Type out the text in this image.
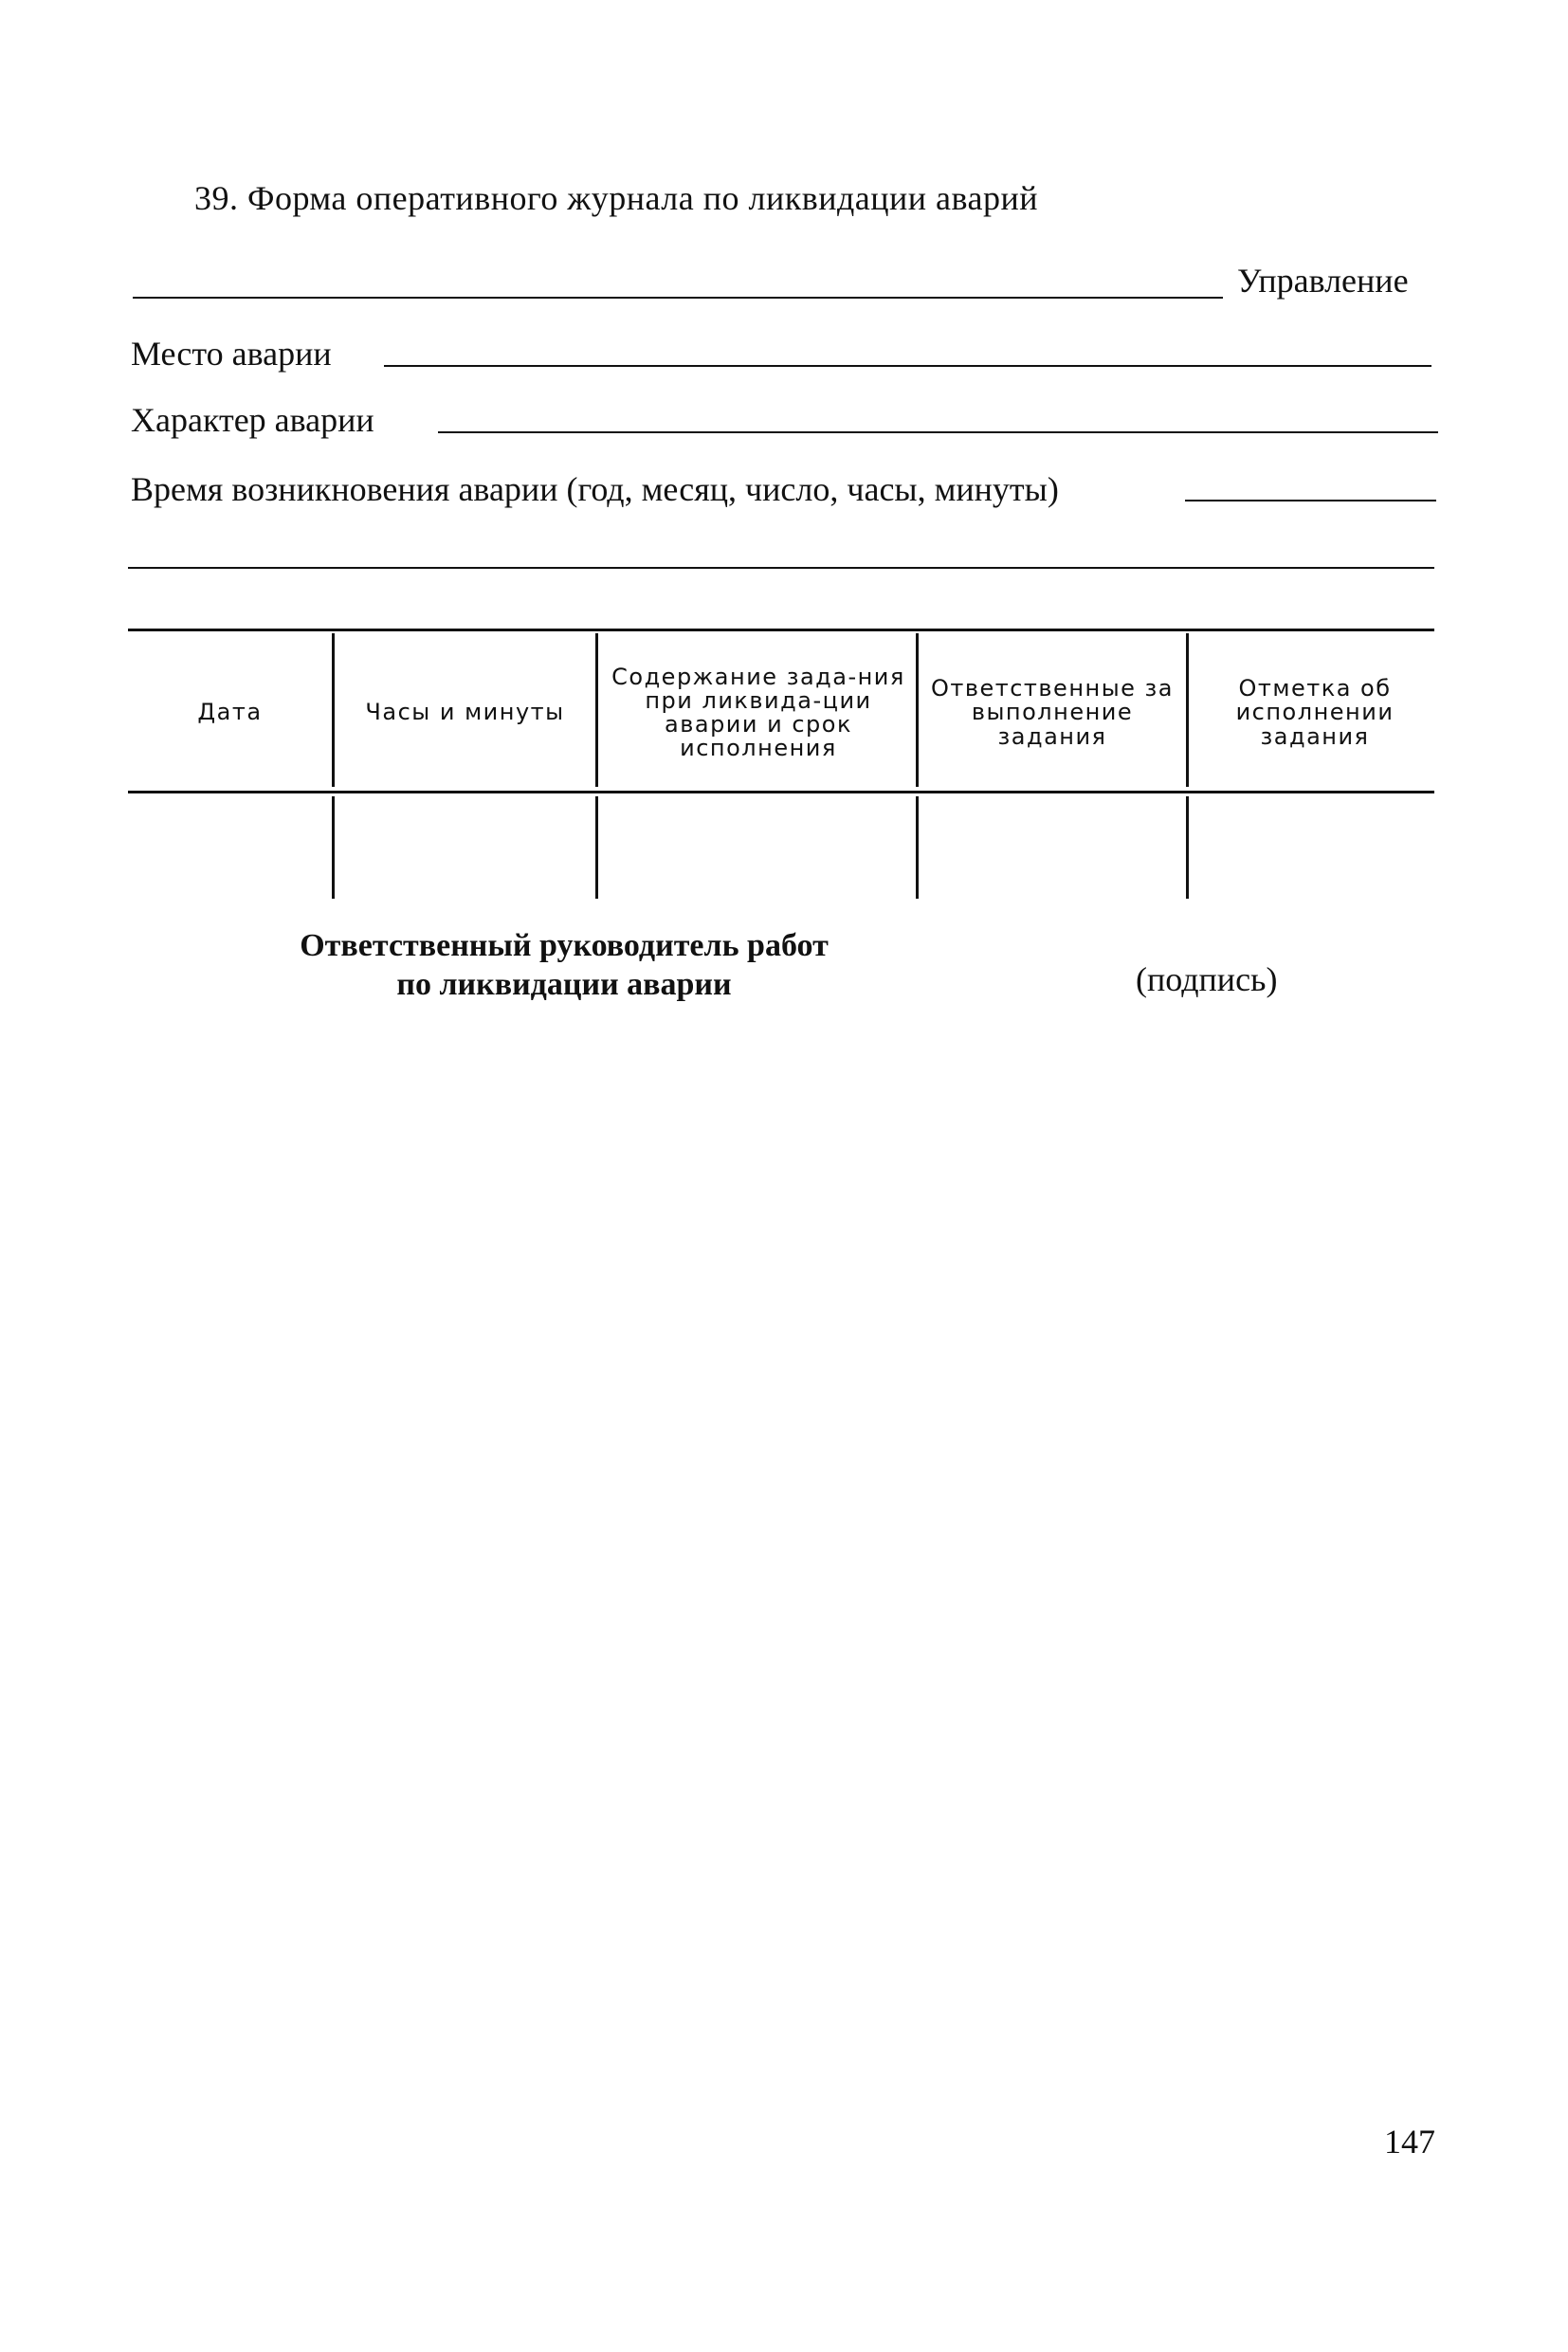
39. Форма оперативного журнала по ликвидации аварий
Управление
Место аварии
Характер аварии
Время возникновения аварии (год, месяц, число, часы, минуты)
Дата	Часы и минуты
Содержание зада-ния при ликвида-ции аварии и срок исполнения
Ответственные за выполнение задания
Отметка об исполнении задания
Ответственный руководитель работ
по ликвидации аварии	(подпись)
147
